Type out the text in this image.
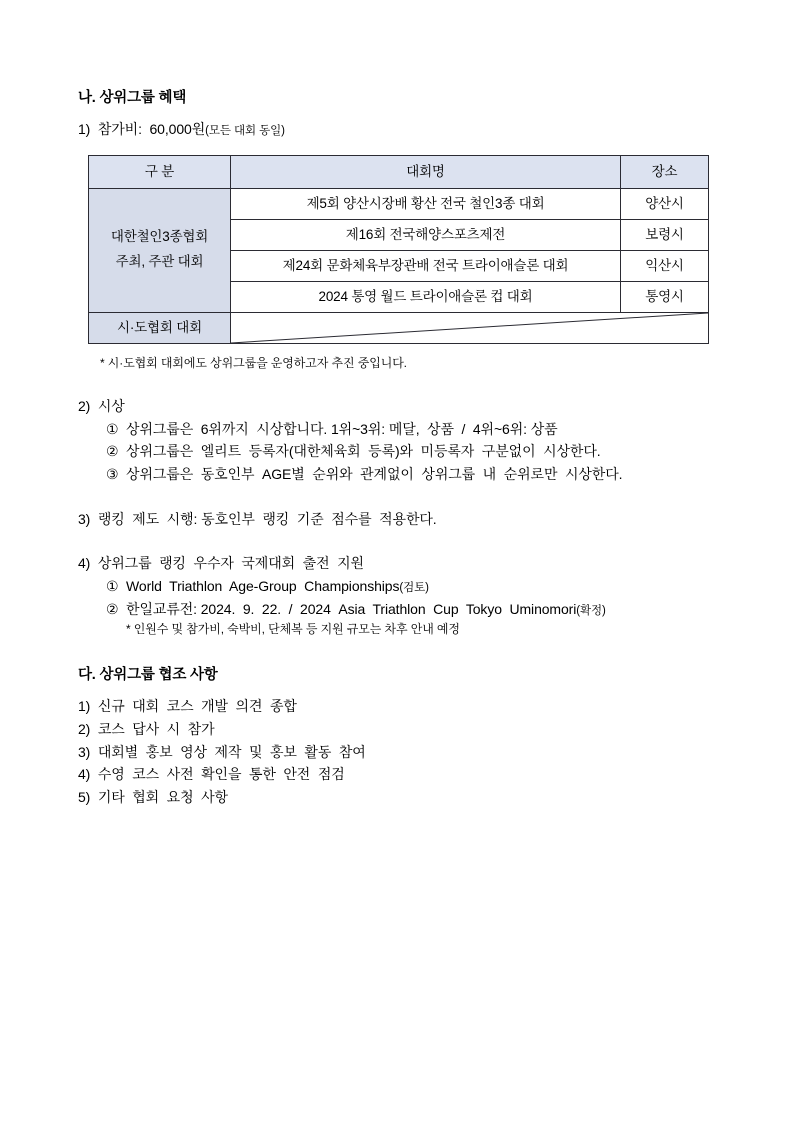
나. 상위그룹 혜택

1)  참가비:  60,000원(모든 대회 동일)

구 분	대회명	장소

대한철인3종협회
주최, 주관 대회	제5회 양산시장배 황산 전국 철인3종 대회	양산시
	제16회 전국해양스포츠제전	보령시
	제24회 문화체육부장관배 전국 트라이애슬론 대회	익산시
	2024 통영 월드 트라이애슬론 컵 대회	통영시
시·도협회 대회	

* 시·도협회 대회에도 상위그룹을 운영하고자 추진 중입니다.

2)  시상

①  상위그룹은  6위까지  시상합니다. 1위~3위: 메달,  상품  /  4위~6위: 상품

②  상위그룹은  엘리트  등록자(대한체육회  등록)와  미등록자  구분없이  시상한다.

③  상위그룹은  동호인부  AGE별  순위와  관계없이  상위그룹  내  순위로만  시상한다.

3)  랭킹  제도  시행: 동호인부  랭킹  기준  점수를  적용한다.

4)  상위그룹  랭킹  우수자  국제대회  출전  지원

①  World  Triathlon  Age-Group  Championships(검토)

②  한일교류전: 2024.  9.  22.  /  2024  Asia  Triathlon  Cup  Tokyo  Uminomori(확정)

* 인원수 및 참가비, 숙박비, 단체복 등 지원 규모는 차후 안내 예정

다. 상위그룹 협조 사항

1)  신규  대회  코스  개발  의견  종합

2)  코스  답사  시  참가

3)  대회별  홍보  영상  제작  및  홍보  활동  참여

4)  수영  코스  사전  확인을  통한  안전  점검

5)  기타  협회  요청  사항
